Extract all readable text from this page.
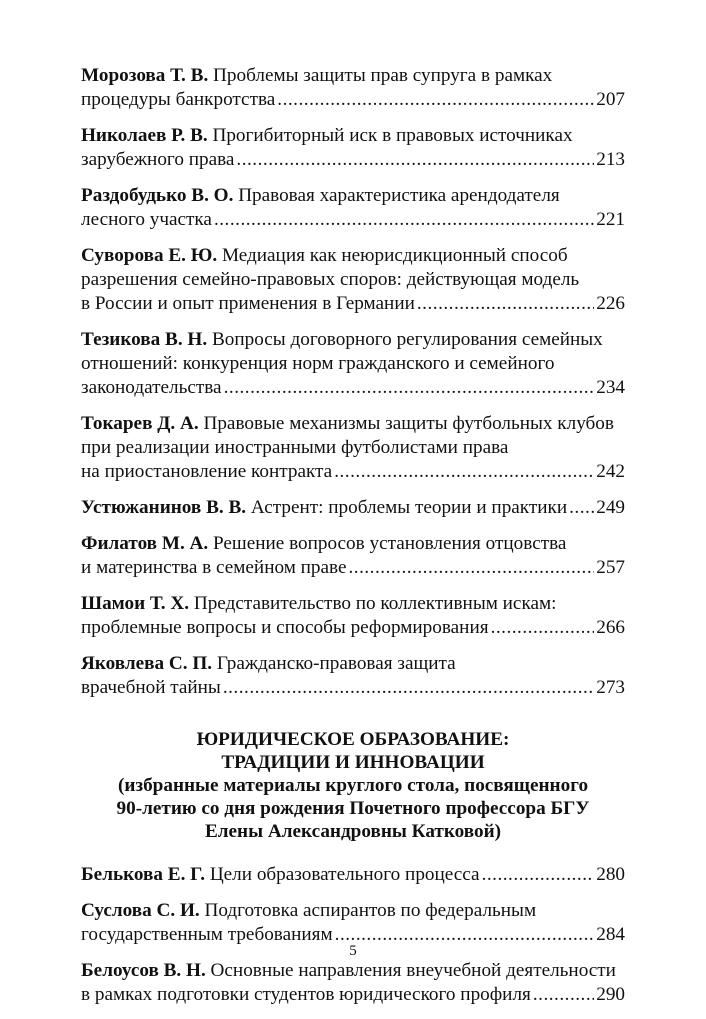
Морозова Т. В. Проблемы защиты прав супруга в рамках
процедуры банкротства .....	207
Николаев Р. В. Прогибиторный иск в правовых источниках
зарубежного права .....	213
Раздобудько В. О. Правовая характеристика арендодателя
лесного участка .....	221
Суворова Е. Ю. Медиация как неюрисдикционный способ
разрешения семейно-правовых споров: действующая модель
в России и опыт применения в Германии .....	226
Тезикова В. Н. Вопросы договорного регулирования семейных
отношений: конкуренция норм гражданского и семейного
законодательства .....	234
Токарев Д. А. Правовые механизмы защиты футбольных клубов
при реализации иностранными футболистами права
на приостановление контракта .....	242
Устюжанинов В. В. Астрент: проблемы теории и практики ..... 249
Филатов М. А. Решение вопросов установления отцовства
и материнства в семейном праве .....	257
Шамои Т. Х. Представительство по коллективным искам:
проблемные вопросы и способы реформирования .....	266
Яковлева С. П. Гражданско-правовая защита
врачебной тайны .....	273
ЮРИДИЧЕСКОЕ ОБРАЗОВАНИЕ:
ТРАДИЦИИ И ИННОВАЦИИ
(избранные материалы круглого стола, посвященного
90-летию со дня рождения Почетного профессора БГУ
Елены Александровны Катковой)
Белькова Е. Г. Цели образовательного процесса .....	280
Суслова С. И. Подготовка аспирантов по федеральным
государственным требованиям .....	284
Белоусов В. Н. Основные направления внеучебной деятельности
в рамках подготовки студентов юридического профиля .....	290
5
